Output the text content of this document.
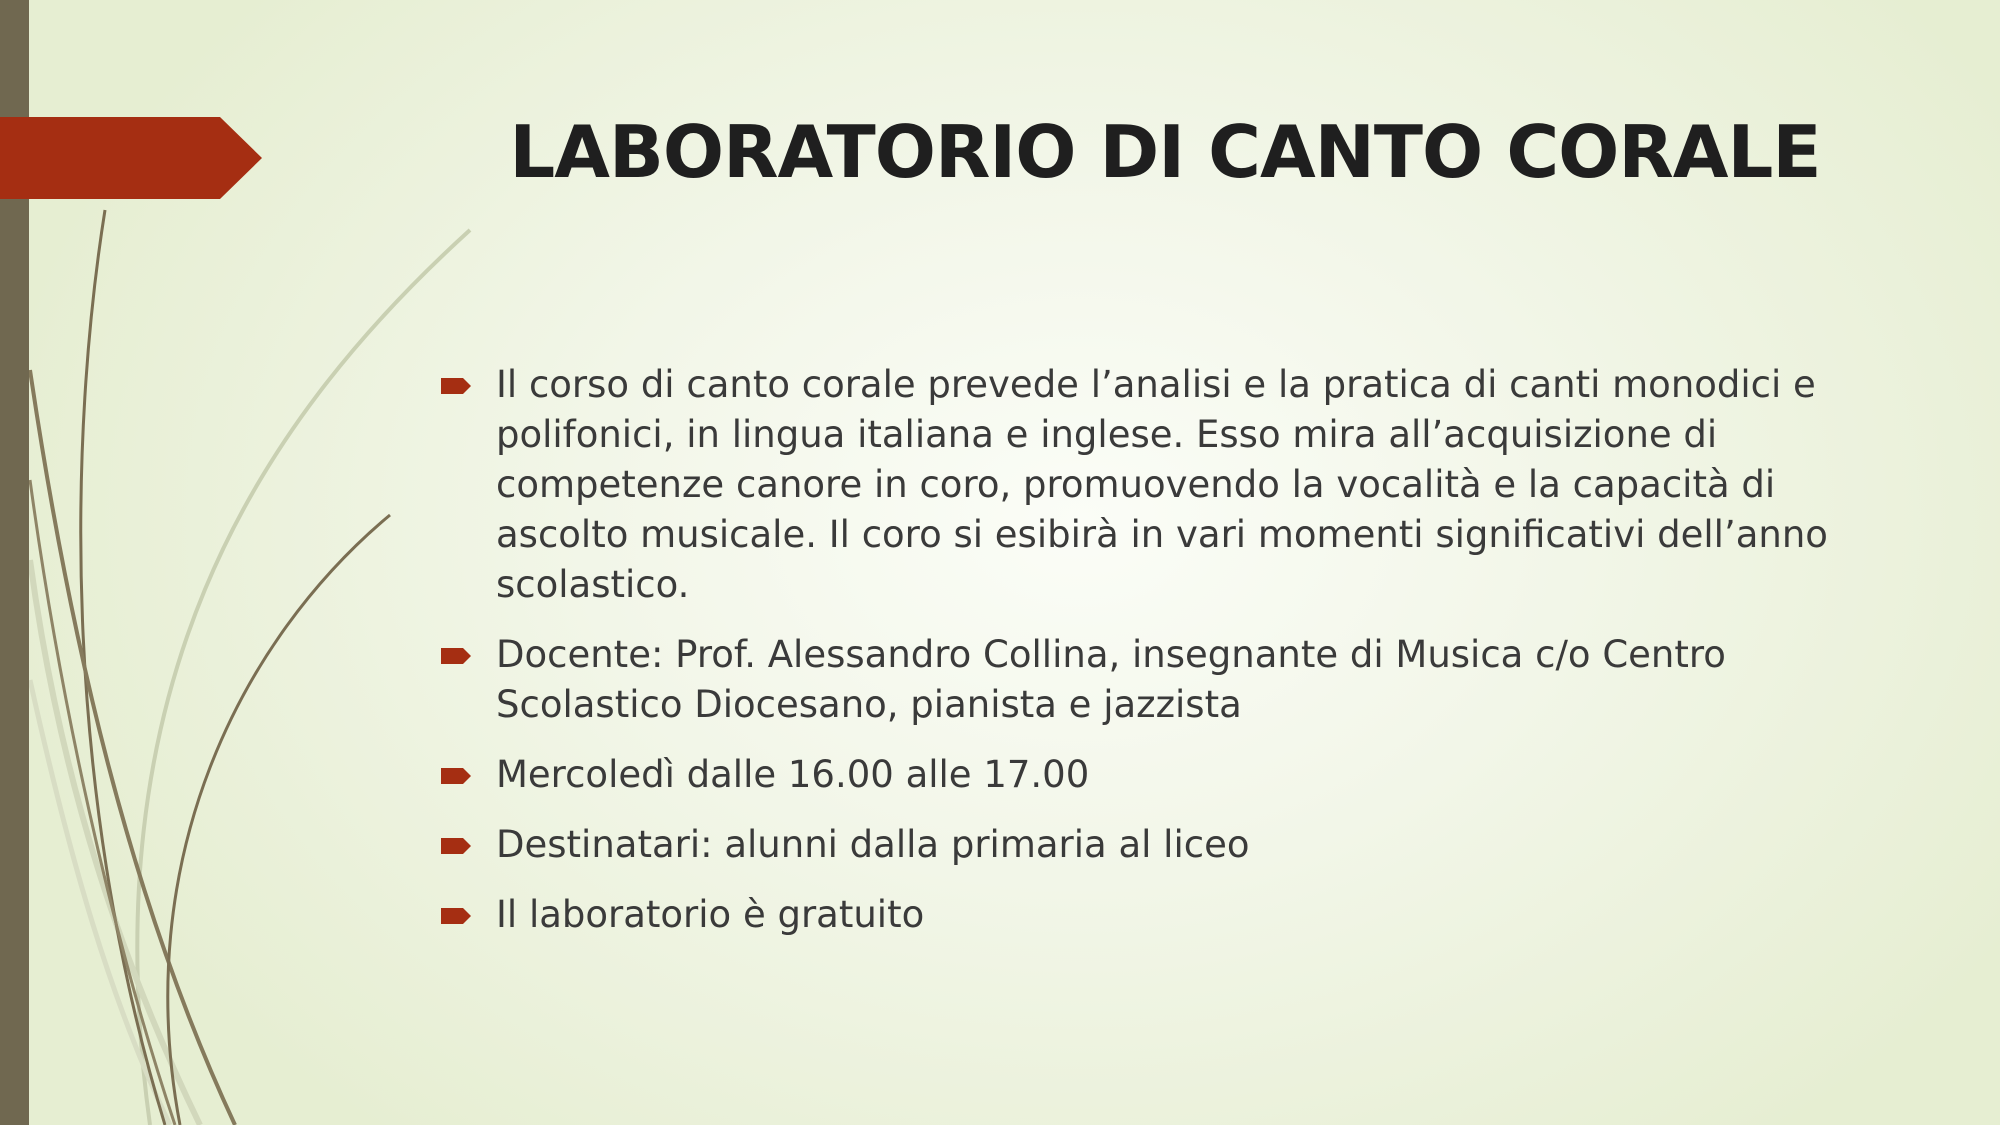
LABORATORIO DI CANTO CORALE
Il corso di canto corale prevede l’analisi e la pratica di canti monodici e polifonici, in lingua italiana e inglese. Esso mira all’acquisizione di competenze canore in coro, promuovendo la vocalità e la capacità di ascolto musicale. Il coro si esibirà in vari momenti significativi dell’anno scolastico.
Docente: Prof. Alessandro Collina, insegnante di Musica c/o Centro Scolastico Diocesano, pianista e jazzista
Mercoledì dalle 16.00 alle 17.00
Destinatari: alunni dalla primaria al liceo
Il laboratorio è gratuito
